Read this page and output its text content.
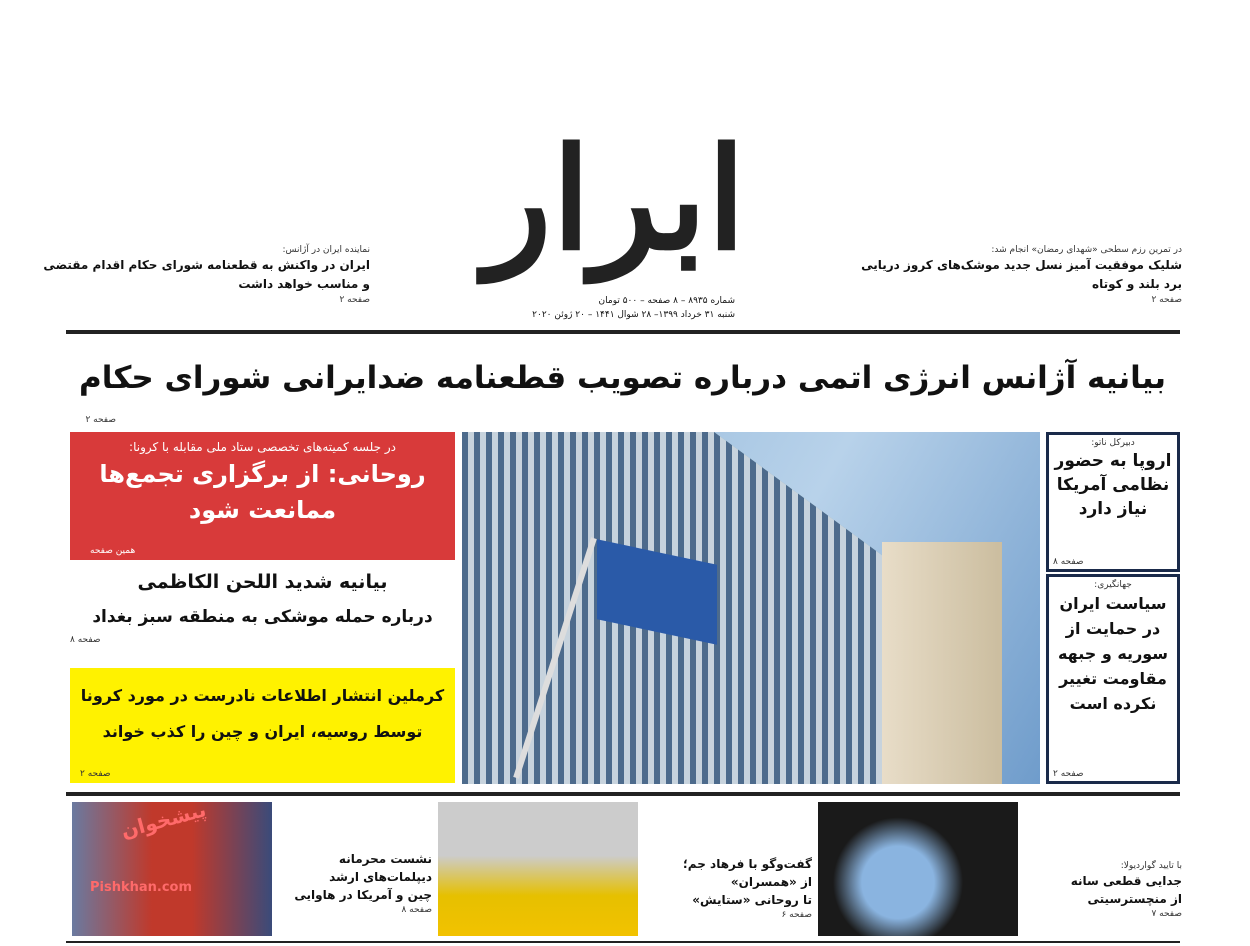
ابرار
شماره ۸۹۳۵ – ۸ صفحه – ۵۰۰ تومان
شنبه ۳۱ خرداد ۱۳۹۹– ۲۸ شوال ۱۴۴۱ – ۲۰ ژوئن ۲۰۲۰
در تمرین رزم سطحی «شهدای رمضان» انجام شد:
شلیک موفقیت آمیز نسل جدید موشک‌های کروز دریایی
برد بلند و کوتاه
صفحه ۲
نماینده ایران در آژانس:
ایران در واکنش به قطعنامه شورای حکام اقدام مقتضی
و مناسب خواهد داشت
صفحه ۲
بیانیه آژانس انرژی اتمی درباره تصویب قطعنامه ضدایرانی شورای حکام
صفحه ۲
در جلسه کمیته‌های تخصصی ستاد ملی مقابله با کرونا:
روحانی: از برگزاری تجمع‌ها
ممانعت شود
همین صفحه
بیانیه شدید اللحن الکاظمی
درباره حمله موشکی به منطقه سبز بغداد
صفحه ۸
کرملین انتشار اطلاعات نادرست در مورد کرونا
توسط روسیه، ایران و چین را کذب خواند
صفحه ۲
دبیرکل ناتو:
اروپا به حضور نظامی آمریکا نیاز دارد
صفحه ۸
جهانگیری:
سیاست ایران در حمایت از سوریه و جبهه مقاومت تغییر نکرده است
صفحه ۲
پیشخوان
Pishkhan.com
نشست محرمانه
دیپلمات‌های ارشد
چین و آمریکا در هاوایی
صفحه ۸
گفت‌وگو با فرهاد جم؛
از «همسران»
تا روحانی «ستایش»
صفحه ۶
با تایید گواردیولا:
جدایی قطعی سانه
از منچسترسیتی
صفحه ۷
